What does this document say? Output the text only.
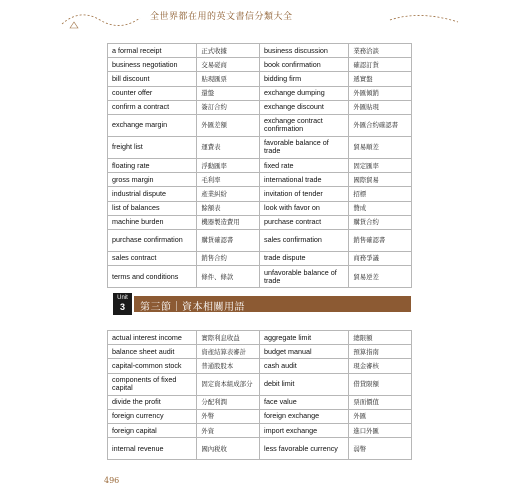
全世界都在用的英文書信分類大全
a formal receipt	正式收據	business discussion	業務洽談
business negotiation	交易磋商	book confirmation	確認訂貨
bill discount	貼現匯票	bidding firm	遞實盤
counter offer	還盤	exchange dumping	外匯傾銷
confirm a contract	簽訂合約	exchange discount	外匯貼現
exchange margin	外匯差額	exchange contract confirmation	外匯合約確認書
freight list	運費表	favorable balance of trade	貿易順差
floating rate	浮動匯率	fixed rate	固定匯率
gross margin	毛利率	international trade	國際貿易
industrial dispute	產業糾紛	invitation of tender	招標
list of balances	餘額表	look with favor on	贊成
machine burden	機器製造費用	purchase contract	購貨合約
purchase confirmation	購貨確認書	sales confirmation	銷售確認書
sales contract	銷售合約	trade dispute	商務爭議
terms and conditions	條件、條款	unfavorable balance of trade	貿易逆差
Unit
3	第三節｜資本相關用語
actual interest income	實際利息收益	aggregate limit	總限額
balance sheet audit	資產結算表審計	budget manual	預算指南
capital-common stock	普通股股本	cash audit	現金審核
components of fixed capital	固定資本組成部分	debit limit	借貸限額
divide the profit	分配利潤	face value	票面價值
foreign currency	外幣	foreign exchange	外匯
foreign capital	外資	import exchange	進口外匯
internal revenue	國內税收	less favorable currency	弱幣
496
